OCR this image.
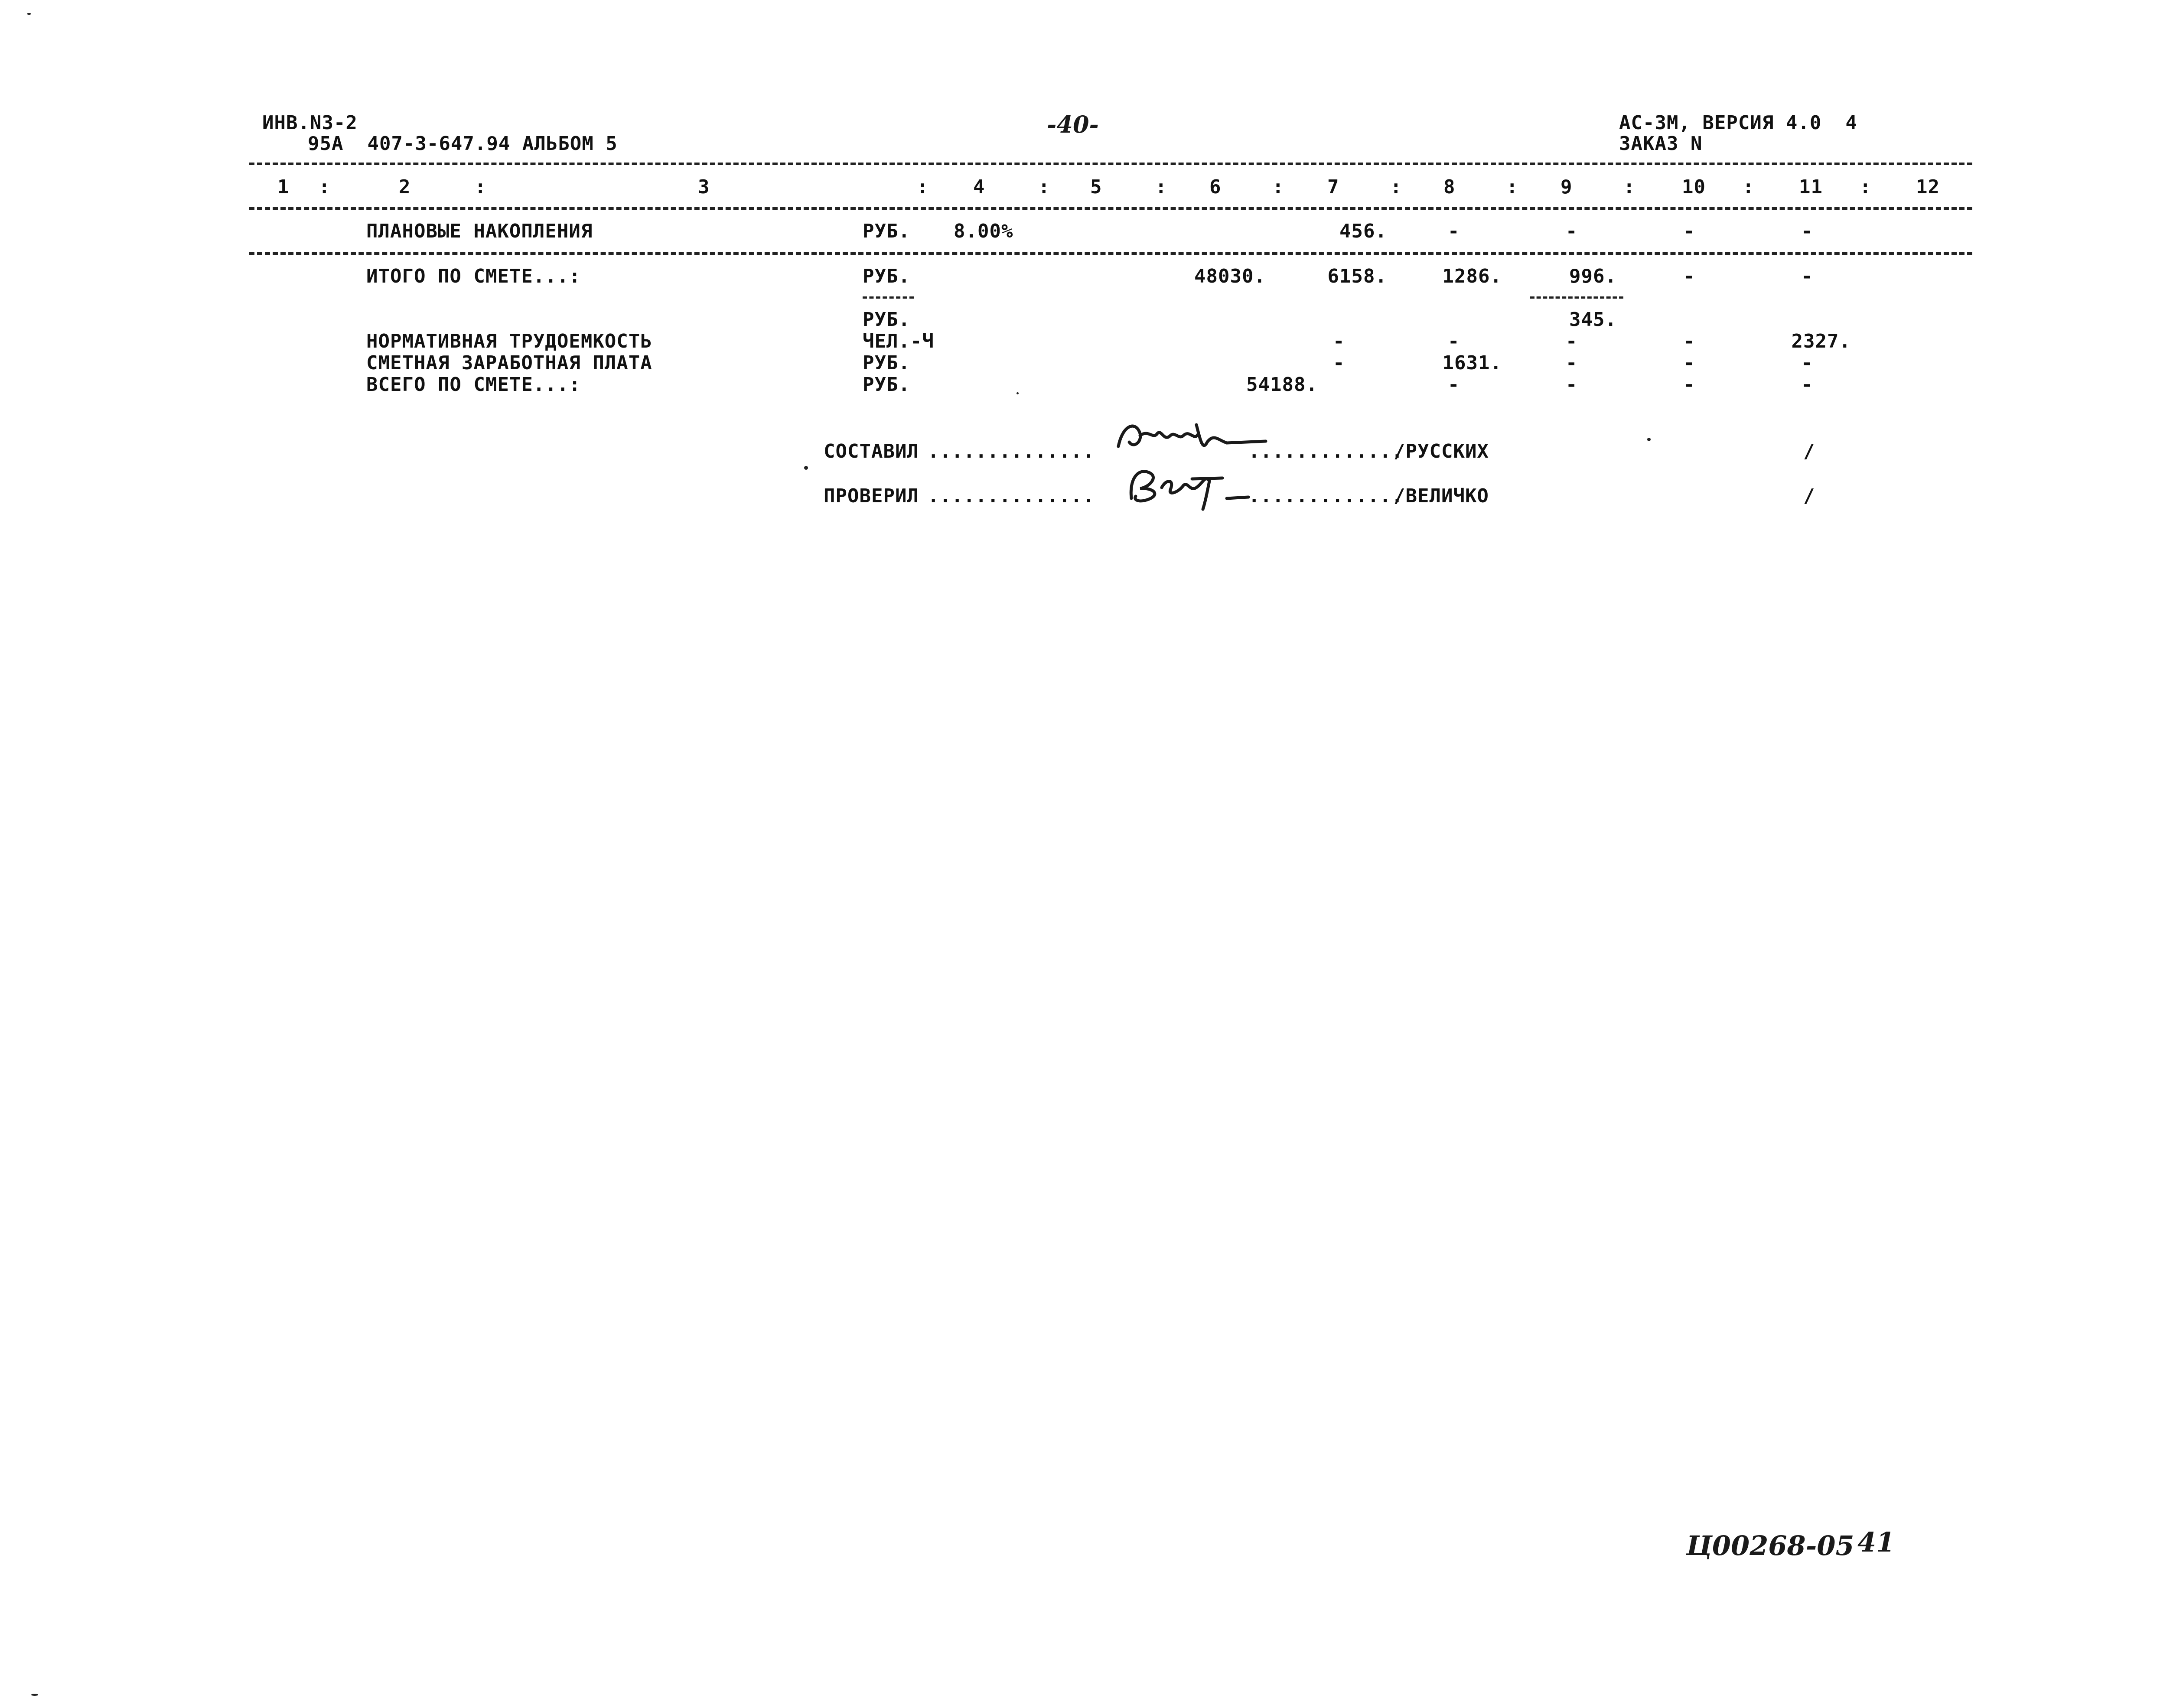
ИНВ.N3-2
95А  407-3-647.94 АЛЬБОМ 5
-40-	АС-3М, ВЕРСИЯ 4.0  4
ЗАКАЗ N
1	2	3	4	5	6	7	8	9	10	11	12
:	:	:	:	:	:	:	:	:	:	:
ПЛАНОВЫЕ НАКОПЛЕНИЯ	РУБ. 8.00%	456.	-	-	-	-
ИТОГО ПО СМЕТЕ...:	РУБ.	48030.	6158.	1286.	996.	-	-
РУБ.	345.
НОРМАТИВНАЯ ТРУДОЕМКОСТЬ	ЧЕЛ.-Ч	-	-	-	-	2327.
СМЕТНАЯ ЗАРАБОТНАЯ ПЛАТА	РУБ.	-	1631.	-	-	-
ВСЕГО ПО СМЕТЕ...:	РУБ.	54188.	-	-	-	-
СОСТАВИЛ ..............	.............
/РУССКИХ	/
ПРОВЕРИЛ ..............	.............
/ВЕЛИЧКО	/
Ц00268-05 41
